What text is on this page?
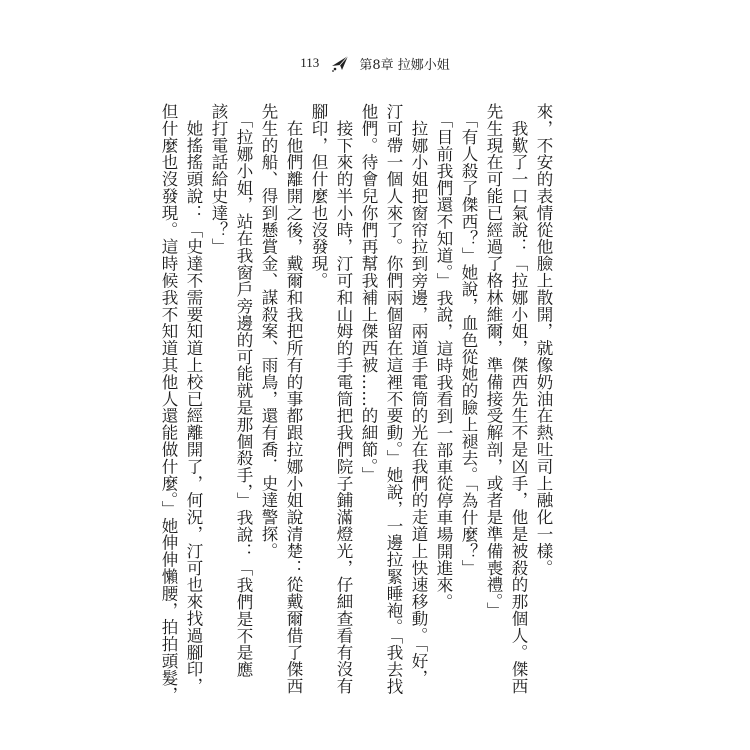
113	第8章 拉娜小姐
來，不安的表情從他臉上散開，就像奶油在熱吐司上融化一樣。
　我歎了一口氣說：「拉娜小姐，傑西先生不是凶手，他是被殺的那個人。傑西
先生現在可能已經過了格林維爾，準備接受解剖，或者是準備喪禮。」
　「有人殺了傑西？」她說，血色從她的臉上褪去。「為什麼？」
　「目前我們還不知道。」我說，這時我看到一部車從停車場開進來。
　拉娜小姐把窗帘拉到旁邊，兩道手電筒的光在我們的走道上快速移動。「好，
汀可帶一個人來了。你們兩個留在這裡不要動。」她說，一邊拉緊睡袍。「我去找
他們。待會兒你們再幫我補上傑西被……的細節。」
　接下來的半小時，汀可和山姆的手電筒把我們院子鋪滿燈光，仔細查看有沒有
腳印，但什麼也沒發現。
　在他們離開之後，戴爾和我把所有的事都跟拉娜小姐說清楚：從戴爾借了傑西
先生的船、得到懸賞金、謀殺案、雨鳥，還有喬．史達警探。
　「拉娜小姐，站在我窗戶旁邊的可能就是那個殺手，」我說：「我們是不是應
該打電話給史達？」
　她搖搖頭說：「史達不需要知道上校已經離開了，何況，汀可也來找過腳印，
但什麼也沒發現。這時候我不知道其他人還能做什麼。」她伸伸懶腰，拍拍頭髮，
